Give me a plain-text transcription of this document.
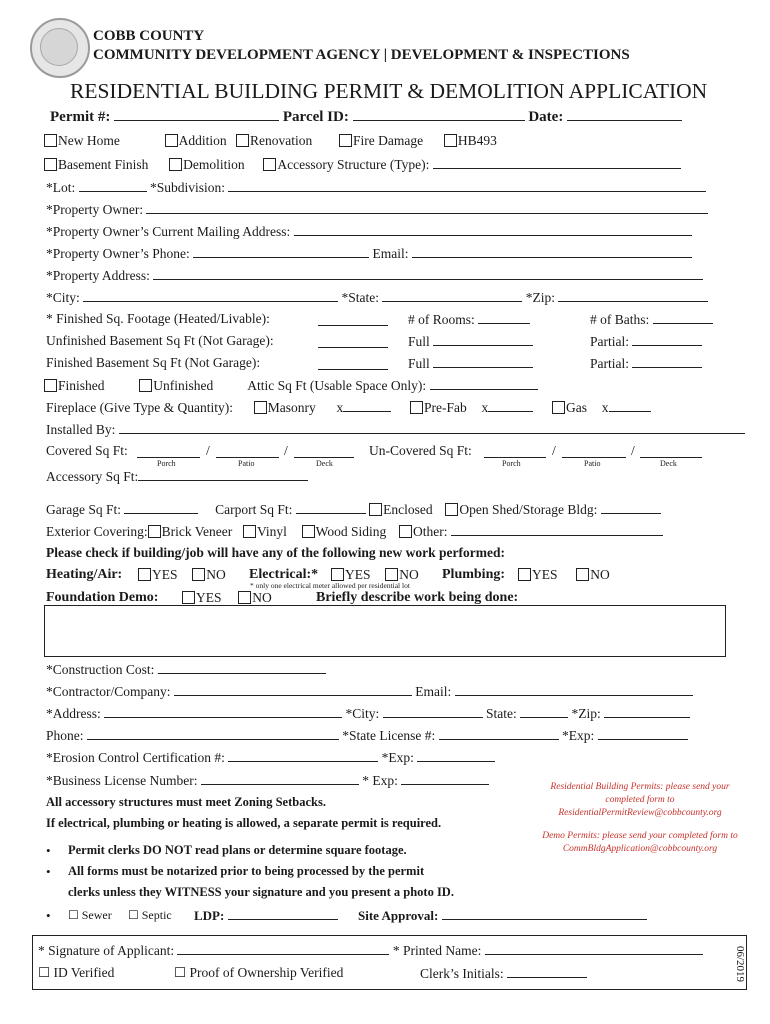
COBB COUNTY
COMMUNITY DEVELOPMENT AGENCY | DEVELOPMENT & INSPECTIONS
RESIDENTIAL BUILDING PERMIT & DEMOLITION APPLICATION
Permit #:	Parcel ID:	Date:
New Home	Addition Renovation	Fire Damage	HB493
Basement Finish	Demolition Accessory Structure (Type):
*Lot:	*Subdivision:
*Property Owner:
*Property Owner’s Current Mailing Address:
*Property Owner’s Phone:	Email:
*Property Address:
*City:	*State:	*Zip:
* Finished Sq. Footage (Heated/Livable):	# of Rooms:	# of Baths:
Unfinished Basement Sq Ft (Not Garage):	Full	Partial:
Finished Basement Sq Ft (Not Garage):	Full	Partial:
Finished	Unfinished	Attic Sq Ft (Usable Space Only):
Fireplace (Give Type & Quantity):	Masonry x	Pre-Fab x	Gas x
Installed By:
Covered Sq Ft:	/	/
Porch	Patio	Deck
Un-Covered Sq Ft:	/	/
Porch	Patio	Deck
Accessory Sq Ft:
Garage Sq Ft:	Carport Sq Ft:	Enclosed Open Shed/Storage Bldg:
Exterior Covering: Brick Veneer Vinyl Wood Siding Other:
Please check if building/job will have any of the following new work performed:
Heating/Air:	YES NO Electrical:*	YES NO
* only one electrical meter allowed per residential lot
Plumbing:	YES NO
Foundation Demo:	YES NO	Briefly describe work being done:
*Construction Cost:
*Contractor/Company:	Email:
*Address:	*City:	State:	*Zip:
Phone:	*State License #:	*Exp:
*Erosion Control Certification #:	*Exp:
*Business License Number:	* Exp:
All accessory structures must meet Zoning Setbacks.
If electrical, plumbing or heating is allowed, a separate permit is required.
• Permit clerks DO NOT read plans or determine square footage.
• All forms must be notarized prior to being processed by the permit
clerks unless they WITNESS your signature and you present a photo ID.
• ☐ Sewer ☐ Septic LDP:	Site Approval:
Residential Building Permits: please send your
completed form to
ResidentialPermitReview@cobbcounty.org
Demo Permits: please send your completed form to
CommBldgApplication@cobbcounty.org
* Signature of Applicant:	* Printed Name:
☐ ID Verified	☐ Proof of Ownership Verified	Clerk’s Initials:	06/2019
